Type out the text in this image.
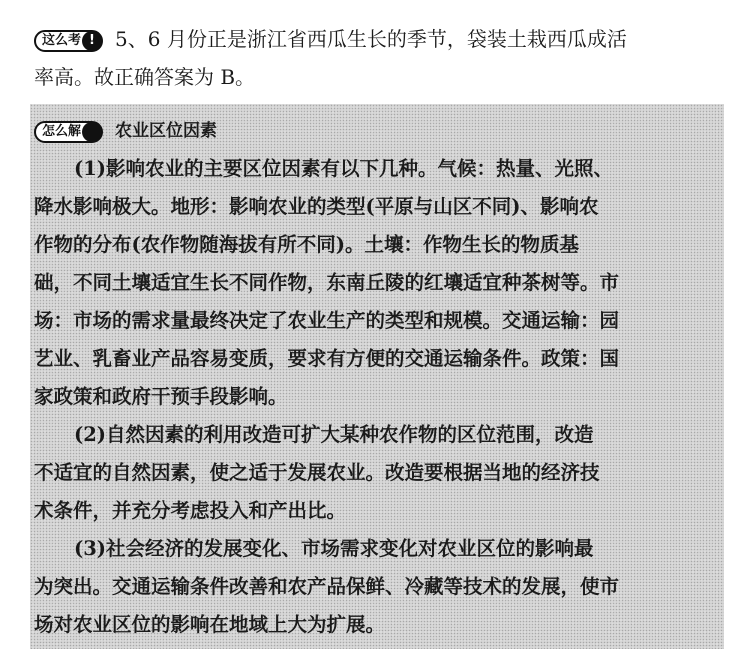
这么考 !	5、6 月份正是浙江省西瓜生长的季节，袋装土栽西瓜成活
率高。故正确答案为 B。
怎么解 农业区位因素
(1)影响农业的主要区位因素有以下几种。气候：热量、光照、
降水影响极大。地形：影响农业的类型(平原与山区不同)、影响农
作物的分布(农作物随海拔有所不同)。土壤：作物生长的物质基
础，不同土壤适宜生长不同作物，东南丘陵的红壤适宜种茶树等。市
场：市场的需求量最终决定了农业生产的类型和规模。交通运输：园
艺业、乳畜业产品容易变质，要求有方便的交通运输条件。政策：国
家政策和政府干预手段影响。
(2)自然因素的利用改造可扩大某种农作物的区位范围，改造
不适宜的自然因素，使之适于发展农业。改造要根据当地的经济技
术条件，并充分考虑投入和产出比。
(3)社会经济的发展变化、市场需求变化对农业区位的影响最
为突出。交通运输条件改善和农产品保鲜、冷藏等技术的发展，使市
场对农业区位的影响在地域上大为扩展。
